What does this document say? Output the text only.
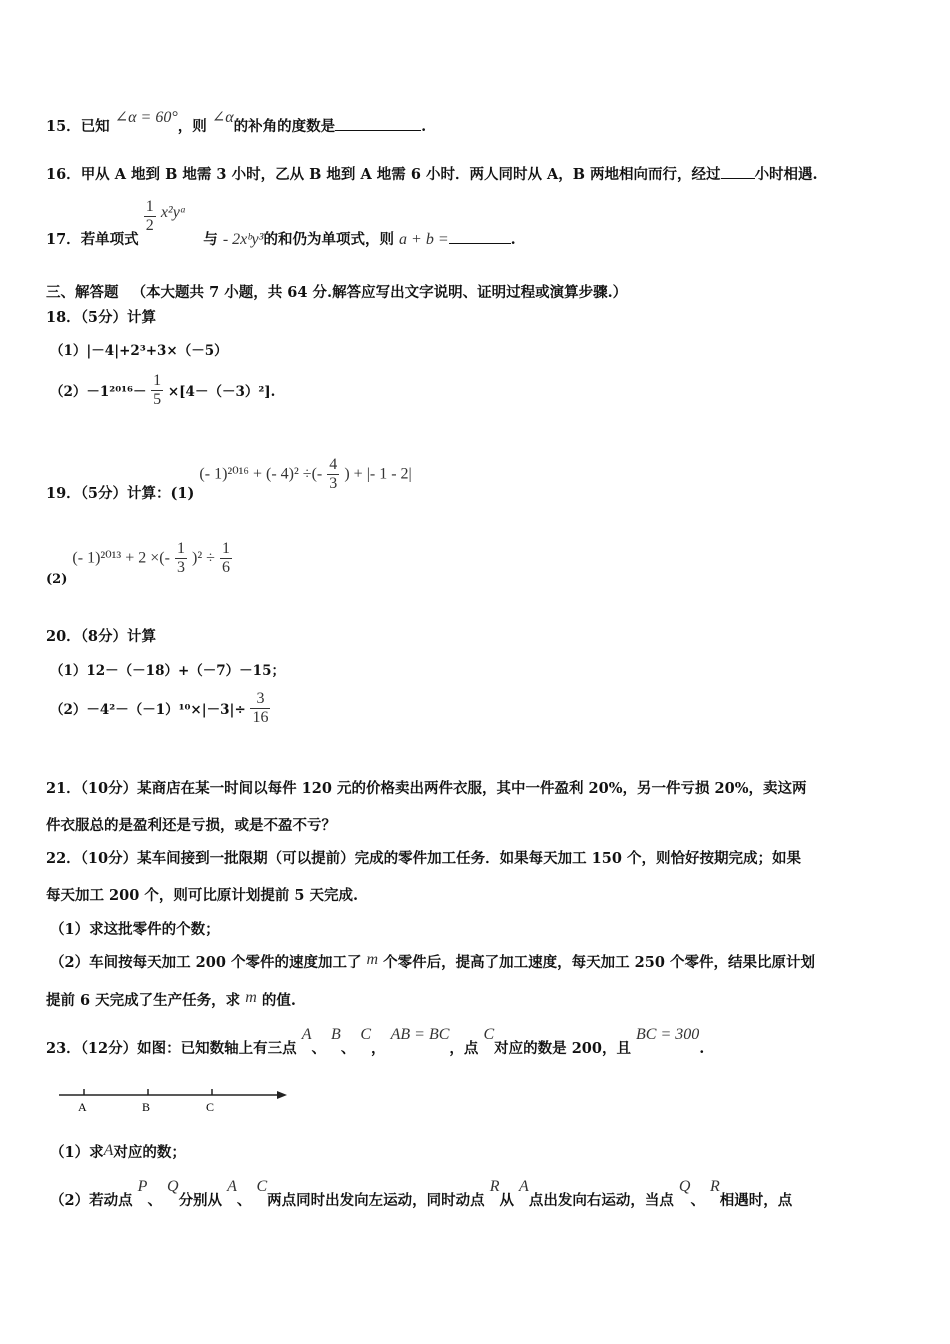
15．已知 ∠α = 60°，则 ∠α的补角的度数是	.
16．甲从 A 地到 B 地需 3 小时，乙从 B 地到 A 地需 6 小时．两人同时从 A，B 两地相向而行，经过 小时相遇.
17．若单项式
$\frac{1}{2}$ x²yᵃ 与 - 2xᵇy³的和仍为单项式，则 a + b =	.
三、解答题 （本大题共 7 小题，共 64 分.解答应写出文字说明、证明过程或演算步骤.）
18．（5分）计算
（1）|－4|+2³+3×（－5）
$(2)-1^{2016}- \frac{1}{5} \times[4-(-3)^2]$.
19．（5分）计算：(1) (- 1)²⁰¹⁶ + (- 4)² ÷(- $\frac{4}{3}$ ) + |- 1 - 2|
(2) (- 1)²⁰¹³ + 2 ×(- $\frac{1}{3} )^2 \div \frac{1}{6}$
20．（8分）计算
（1）12－（－18）+（－7）－15；
$(2)-4^2-(-1)^{10}\times|-3|\div \frac{3}{16}$
21．（10分）某商店在某一时间以每件 120 元的价格卖出两件衣服，其中一件盈利 20%，另一件亏损 20%，卖这两
件衣服总的是盈利还是亏损，或是不盈不亏？
22．（10分）某车间接到一批限期（可以提前）完成的零件加工任务．如果每天加工 150 个，则恰好按期完成；如果
每天加工 200 个，则可比原计划提前 5 天完成.
（1）求这批零件的个数；
（2）车间按每天加工 200 个零件的速度加工了 m 个零件后，提高了加工速度，每天加工 250 个零件，结果比原计划
提前 6 天完成了生产任务，求 m 的值.
23．（12分）如图：已知数轴上有三点 A、 B、 C， AB = BC，点 C对应的数是 200，且 BC = 300.
A	B	C
（1）求A对应的数；
（2）若动点 P、 Q分别从 A、 C两点同时出发向左运动，同时动点 R从 A点出发向右运动，当点 Q、 R相遇时，点
